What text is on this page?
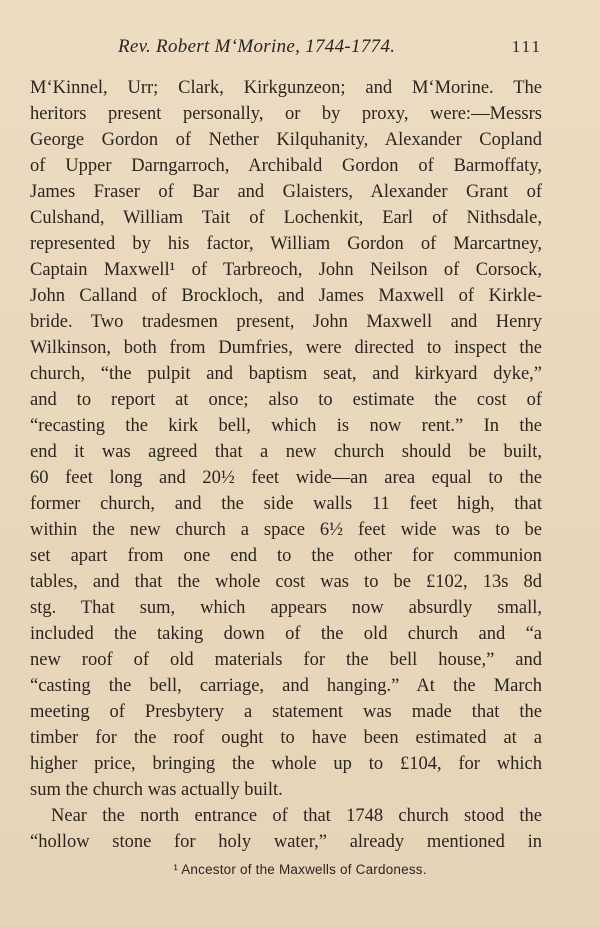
Rev. Robert M‘Morine, 1744-1774.	111
M‘Kinnel, Urr; Clark, Kirkgunzeon; and M‘Morine. The
heritors present personally, or by proxy, were:—Messrs
George Gordon of Nether Kilquhanity, Alexander Copland
of Upper Darngarroch, Archibald Gordon of Barmoffaty,
James Fraser of Bar and Glaisters, Alexander Grant of
Culshand, William Tait of Lochenkit, Earl of Nithsdale,
represented by his factor, William Gordon of Marcartney,
Captain Maxwell¹ of Tarbreoch, John Neilson of Corsock,
John Calland of Brockloch, and James Maxwell of Kirkle-
bride. Two tradesmen present, John Maxwell and Henry
Wilkinson, both from Dumfries, were directed to inspect the
church, “the pulpit and baptism seat, and kirkyard dyke,”
and to report at once; also to estimate the cost of
“recasting the kirk bell, which is now rent.” In the
end it was agreed that a new church should be built,
60 feet long and 20½ feet wide—an area equal to the
former church, and the side walls 11 feet high, that
within the new church a space 6½ feet wide was to be
set apart from one end to the other for communion
tables, and that the whole cost was to be £102, 13s 8d
stg. That sum, which appears now absurdly small,
included the taking down of the old church and “a
new roof of old materials for the bell house,” and
“casting the bell, carriage, and hanging.” At the March
meeting of Presbytery a statement was made that the
timber for the roof ought to have been estimated at a
higher price, bringing the whole up to £104, for which
sum the church was actually built.
Near the north entrance of that 1748 church stood the
“hollow stone for holy water,” already mentioned in
¹ Ancestor of the Maxwells of Cardoness.
